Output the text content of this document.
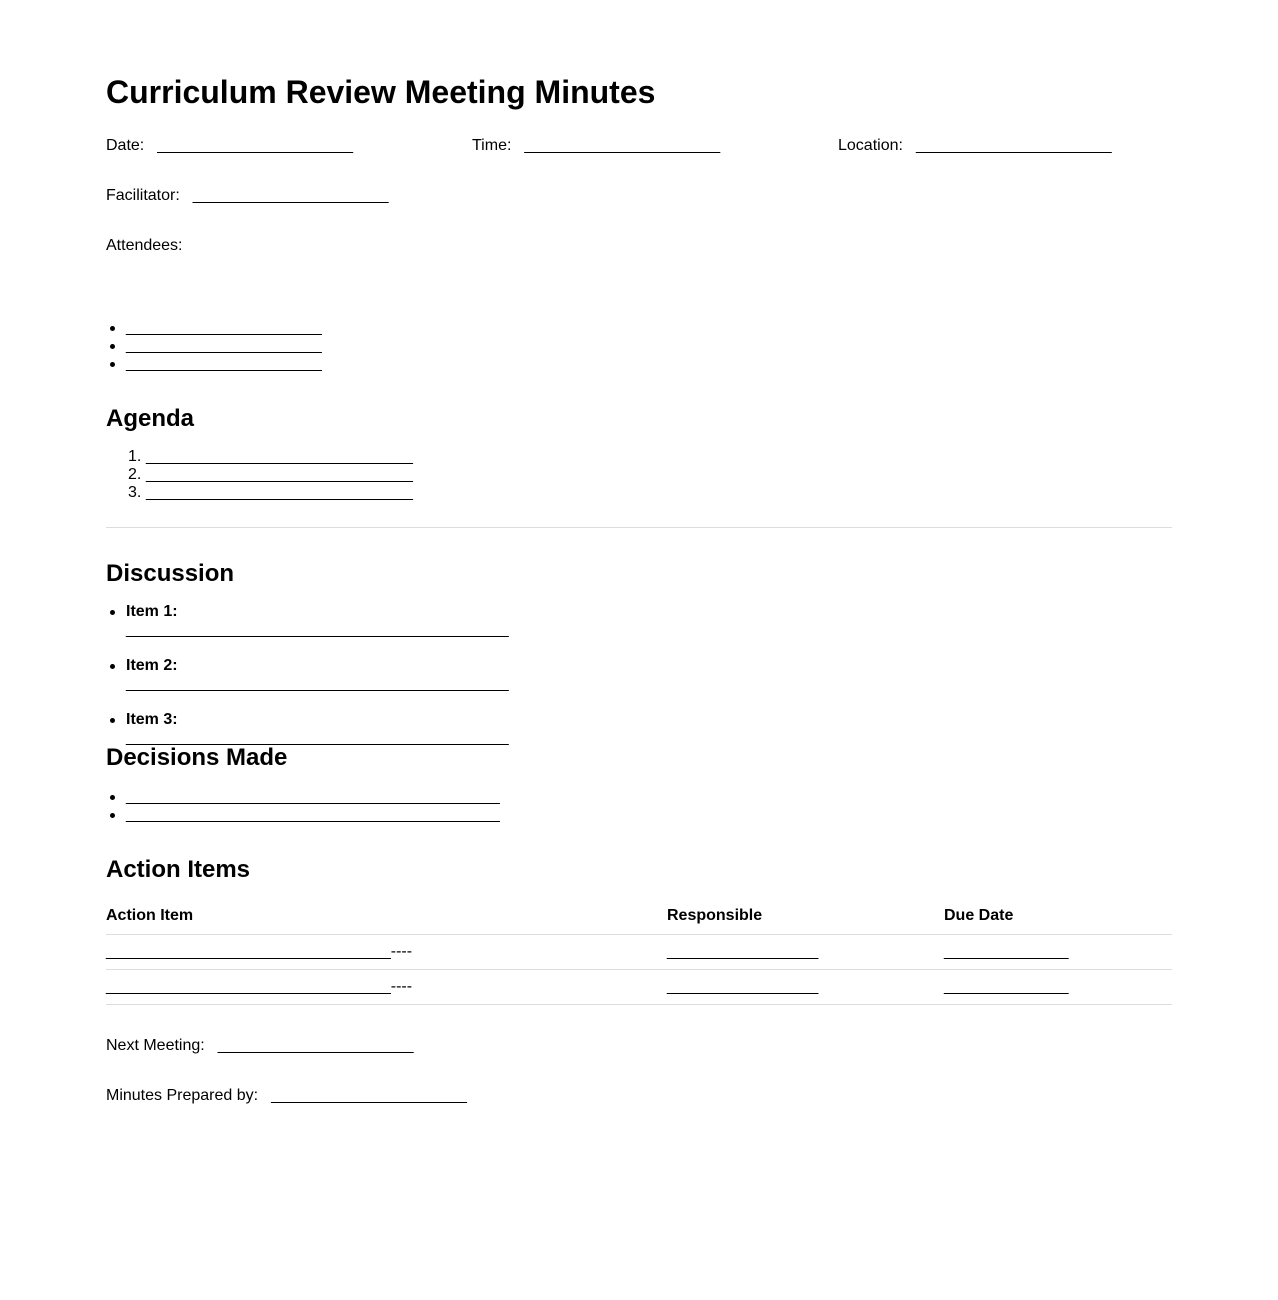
Curriculum Review Meeting Minutes
Date: ______________________	Time: ______________________	Location: ______________________
Facilitator: ______________________
Attendees:
______________________
______________________
______________________
Agenda
1. ______________________________
2. ______________________________
3. ______________________________
Discussion
Item 1:
___________________________________________
Item 2:
___________________________________________
Item 3:
___________________________________________
Decisions Made
__________________________________________
__________________________________________
Action Items
Action Item	Responsible	Due Date
________________________________----	_________________	______________
________________________________----	_________________	______________
Next Meeting: ______________________
Minutes Prepared by: ______________________
